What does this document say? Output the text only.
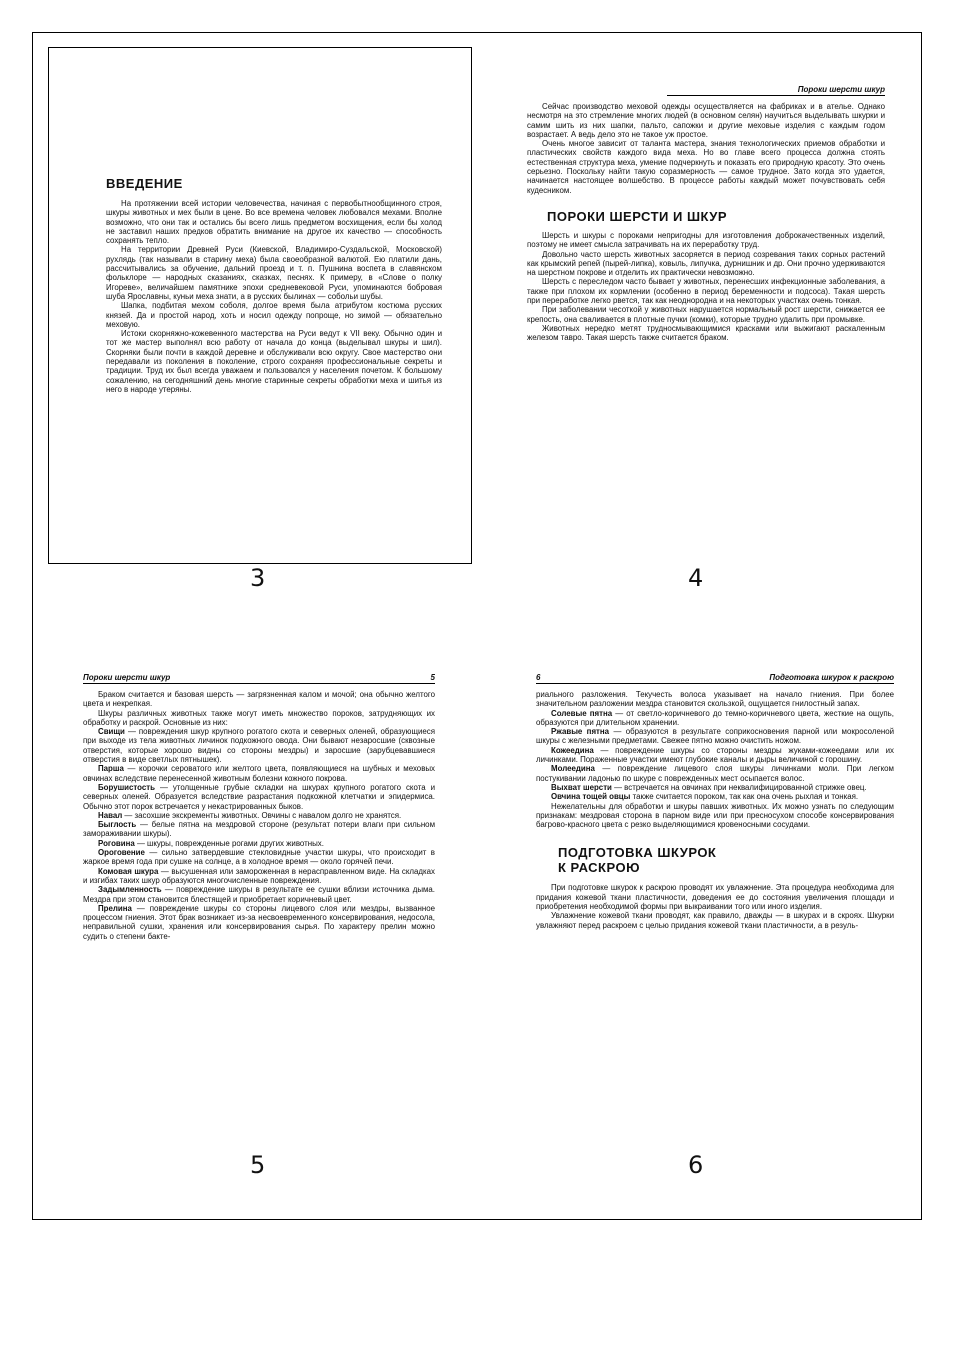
ВВЕДЕНИЕ

На протяжении всей истории человечества, начиная с первобытнообщинного строя, шкуры животных и мех были в цене. Во все времена человек любовался мехами. Вполне возможно, что они так и остались бы всего лишь предметом восхищения, если бы холод не заставил наших предков обратить внимание на другое их качество — способность сохранять тепло.

На территории Древней Руси (Киевской, Владимиро-Суздальской, Московской) рухлядь (так называли в старину меха) была своеобразной валютой. Ею платили дань, рассчитывались за обучение, дальний проезд и т. п. Пушнина воспета в славянском фольклоре — народных сказаниях, сказках, песнях. К примеру, в «Слове о полку Игореве», величайшем памятнике эпохи средневековой Руси, упоминаются бобровая шуба Ярославны, куньи меха знати, а в русских былинах — собольи шубы.

Шапка, подбитая мехом соболя, долгое время была атрибутом костюма русских князей. Да и простой народ, хоть и носил одежду попроще, но зимой — обязательно меховую.

Истоки скорняжно-кожевенного мастерства на Руси ведут к VII веку. Обычно один и тот же мастер выполнял всю работу от начала до конца (выделывал шкуры и шил). Скорняки были почти в каждой деревне и обслуживали всю округу. Свое мастерство они передавали из поколения в поколение, строго сохраняя профессиональные секреты и традиции. Труд их был всегда уважаем и пользовался у населения почетом. К большому сожалению, на сегодняшний день многие старинные секреты обработки меха и шитья из него в народе утеряны.

3
Пороки шерсти шкур

Сейчас производство меховой одежды осуществляется на фабриках и в ателье. Однако несмотря на это стремление многих людей (в основном селян) научиться выделывать шкурки и самим шить из них шапки, пальто, сапожки и другие меховые изделия с каждым годом возрастает. А ведь дело это не такое уж простое.

Очень многое зависит от таланта мастера, знания технологических приемов обработки и пластических свойств каждого вида меха. Но во главе всего процесса должна стоять естественная структура меха, умение подчеркнуть и показать его природную красоту. Это очень серьезно. Поскольку найти такую соразмерность — самое трудное. Зато когда это удается, начинается настоящее волшебство. В процессе работы каждый может почувствовать себя кудесником.

ПОРОКИ ШЕРСТИ И ШКУР

Шерсть и шкуры с пороками непригодны для изготовления доброкачественных изделий, поэтому не имеет смысла затрачивать на их переработку труд.

Довольно часто шерсть животных засоряется в период созревания таких сорных растений как крымский репей (пырей-липка), ковыль, липучка, дурнишник и др. Они прочно удерживаются на шерстном покрове и отделить их практически невозможно.

Шерсть с переследом часто бывает у животных, перенесших инфекционные заболевания, а также при плохом их кормлении (особенно в период беременности и подсоса). Такая шерсть при переработке легко рвется, так как неоднородна и на некоторых участках очень тонкая.

При заболевании чесоткой у животных нарушается нормальный рост шерсти, снижается ее крепость, она сваливается в плотные пучки (комки), которые трудно удалить при промывке.

Животных нередко метят трудносмывающимися красками или выжигают раскаленным железом тавро. Такая шерсть также считается браком.

4
Пороки шерсти шкур	5

Браком считается и базовая шерсть — загрязненная калом и мочой; она обычно желтого цвета и некрепкая.

Шкуры различных животных также могут иметь множество пороков, затрудняющих их обработку и раскрой. Основные из них:

Свищи — повреждения шкур крупного рогатого скота и северных оленей, образующиеся при выходе из тела животных личинок подкожного овода. Они бывают незаросшие (сквозные отверстия, которые хорошо видны со стороны мездры) и заросшие (зарубцевавшиеся отверстия в виде светлых пятнышек).

Парша — корочки сероватого или желтого цвета, появляющиеся на шубных и меховых овчинах вследствие перенесенной животным болезни кожного покрова.

Борушистость — утолщенные грубые складки на шкурах крупного рогатого скота и северных оленей. Образуется вследствие разрастания подкожной клетчатки и эпидермиса. Обычно этот порок встречается у некастрированных быков.

Навал — засохшие экскременты животных. Овчины с навалом долго не хранятся.

Быглость — белые пятна на мездровой стороне (результат потери влаги при сильном замораживании шкуры).

Роговина — шкуры, поврежденные рогами других животных.

Ороговение — сильно затвердевшие стекловидные участки шкуры, что происходит в жаркое время года при сушке на солнце, а в холодное время — около горячей печи.

Комовая шкура — высушенная или замороженная в нерасправленном виде. На складках и изгибах таких шкур образуются многочисленные повреждения.

Задымленность — повреждение шкуры в результате ее сушки вблизи источника дыма. Мездра при этом становится блестящей и приобретает коричневый цвет.

Прелина — повреждение шкуры со стороны лицевого слоя или мездры, вызванное процессом гниения. Этот брак возникает из-за несвоевременного консервирования, недосола, неправильной сушки, хранения или консервирования сырья. По характеру прелин можно судить о степени бакте-

5
6	Подготовка шкурок к раскрою

риального разложения. Текучесть волоса указывает на начало гниения. При более значительном разложении мездра становится скользкой, ощущается гнилостный запах.

Солевые пятна — от светло-коричневого до темно-коричневого цвета, жесткие на ощупь, образуются при длительном хранении.

Ржавые пятна — образуются в результате соприкосновения парной или мокросоленой шкуры с железными предметами. Свежее пятно можно очистить ножом.

Кожеедина — повреждение шкуры со стороны мездры жуками-кожеедами или их личинками. Пораженные участки имеют глубокие каналы и дыры величиной с горошину.

Молеедина — повреждение лицевого слоя шкуры личинками моли. При легком постукивании ладонью по шкуре с поврежденных мест осыпается волос.

Выхват шерсти — встречается на овчинах при неквалифицированной стрижке овец.

Овчина тощей овцы также считается пороком, так как она очень рыхлая и тонкая.

Нежелательны для обработки и шкуры павших животных. Их можно узнать по следующим признакам: мездровая сторона в парном виде или при пресносухом способе консервирования багрово-красного цвета с резко выделяющимися кровеносными сосудами.

ПОДГОТОВКА ШКУРОК
К РАСКРОЮ

При подготовке шкурок к раскрою проводят их увлажнение. Эта процедура необходима для придания кожевой ткани пластичности, доведения ее до состояния увеличения площади и приобретения необходимой формы при выкраивании того или иного изделия.

Увлажнение кожевой ткани проводят, как правило, дважды — в шкурах и в скроях. Шкурки увлажняют перед раскроем с целью придания кожевой ткани пластичности, а в резуль-

6
